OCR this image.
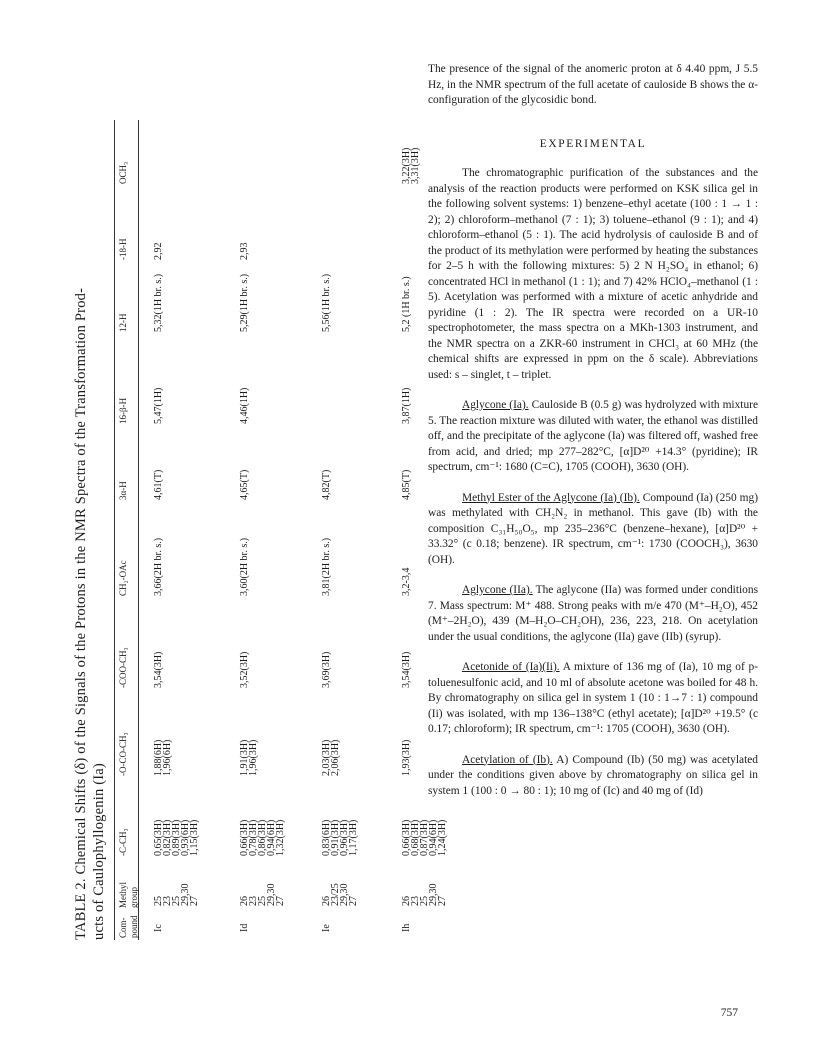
TABLE 2. Chemical Shifts (δ) of the Signals of the Protons in the NMR Spectra of the Transformation Prod- ucts of Caulophyllogenin (Ia) Com- pound
Methyl group
-C-CH₃
-O-CO-CH₃
-COO-CH₃
CH₂-OAc
3α-H
16-β-H
12-H
-18-H
OCH₃
Ic
25
23
25
29,30
27
0,65(3H)
0,82(3H)
0,89(3H)
0,93(6H)
1,15(3H)
1,88(6H)
1,96(6H)
3,54(3H)
3,66(2H br. s.)
4,61(T)
5,47(1H)
5,32(1H br. s.)
2,92
Id
26
23
25
29,30
27
0,66(3H)
0,78(3H)
0,86(3H)
0,94(6H)
1,32(3H)
1,91(3H)
1,96(3H)
3,52(3H)
3,60(2H br. s.)
4,65(T)
4,46(1H)
5,29(1H br. s.)
2,93
Ie
26
23/25
29,30
27
0,83(6H)
0,91(3H)
0,96(3H)
1,17(3H)
2,03(3H)
2,06(3H)
3,69(3H)
3,81(2H br. s.)
4,82(T)
5,56(1H br. s.)
Ih
26
23
25
29,30
27
0,66(3H)
0,68(3H)
0,87(3H)
0,94(6H)
1,24(3H)
1,93(3H)
3,54(3H)
3,2-3,4
4,85(T)
3,87(1H)
5,2 (1H br. s.)
3,22(3H)
3,31(3H)

The presence of the signal of the anomeric proton at δ 4.40 ppm, J 5.5 Hz, in the NMR spectrum of the full acetate of cauloside B shows the α-configuration of the glycosidic bond.

EXPERIMENTAL

The chromatographic purification of the substances and the analysis of the reaction products were performed on KSK silica gel in the following solvent systems: 1) benzene–ethyl acetate (100 : 1 → 1 : 2); 2) chloroform–methanol (7 : 1); 3) toluene–ethanol (9 : 1); and 4) chloroform–ethanol (5 : 1). The acid hydrolysis of cauloside B and of the product of its methylation were performed by heating the substances for 2–5 h with the following mixtures: 5) 2 N H₂SO₄ in ethanol; 6) concentrated HCl in methanol (1 : 1); and 7) 42% HClO₄–methanol (1 : 5). Acetylation was performed with a mixture of acetic anhydride and pyridine (1 : 2). The IR spectra were recorded on a UR-10 spectrophotometer, the mass spectra on a MKh-1303 instrument, and the NMR spectra on a ZKR-60 instrument in CHCl₃ at 60 MHz (the chemical shifts are expressed in ppm on the δ scale). Abbreviations used: s – singlet, t – triplet.

Aglycone (Ia). Cauloside B (0.5 g) was hydrolyzed with mixture 5. The reaction mixture was diluted with water, the ethanol was distilled off, and the precipitate of the aglycone (Ia) was filtered off, washed free from acid, and dried; mp 277–282°C, [α]D²⁰ +14.3° (pyridine); IR spectrum, cm⁻¹: 1680 (C=C), 1705 (COOH), 3630 (OH).

Methyl Ester of the Aglycone (Ia) (Ib). Compound (Ia) (250 mg) was methylated with CH₂N₂ in methanol. This gave (Ib) with the composition C₃₁H₅₀O₅, mp 235–236°C (benzene–hexane), [α]D²⁰ + 33.32° (c 0.18; benzene). IR spectrum, cm⁻¹: 1730 (COOCH₃), 3630 (OH).

Aglycone (IIa). The aglycone (IIa) was formed under conditions 7. Mass spectrum: M⁺ 488. Strong peaks with m/e 470 (M⁺–H₂O), 452 (M⁺–2H₂O), 439 (M–H₂O–CH₂OH), 236, 223, 218. On acetylation under the usual conditions, the aglycone (IIa) gave (IIb) (syrup).

Acetonide of (Ia)(Ii). A mixture of 136 mg of (Ia), 10 mg of p-toluenesulfonic acid, and 10 ml of absolute acetone was boiled for 48 h. By chromatography on silica gel in system 1 (10 : 1→7 : 1) compound (Ii) was isolated, with mp 136–138°C (ethyl acetate); [α]D²⁰ +19.5° (c 0.17; chloroform); IR spectrum, cm⁻¹: 1705 (COOH), 3630 (OH).

Acetylation of (Ib). A) Compound (Ib) (50 mg) was acetylated under the conditions given above by chromatography on silica gel in system 1 (100 : 0 → 80 : 1); 10 mg of (Ic) and 40 mg of (Id)

757
